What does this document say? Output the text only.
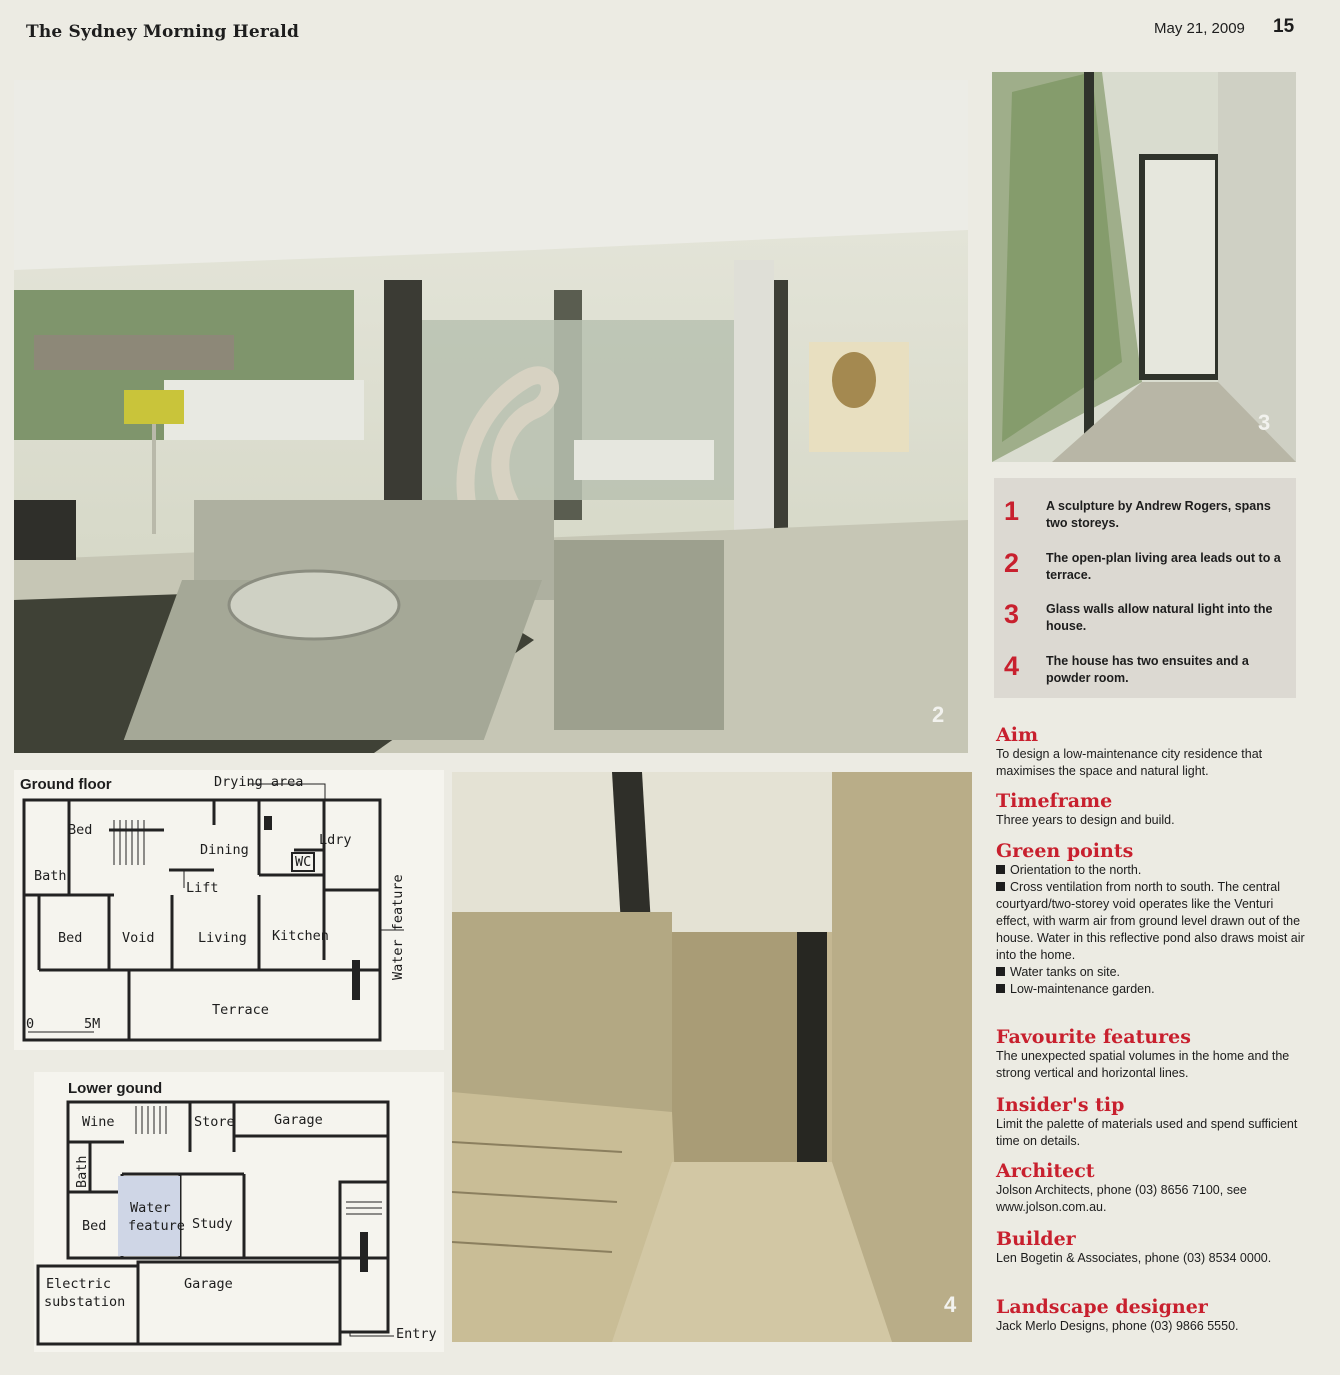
The Sydney Morning Herald	May 21, 2009 15
2
3
4
1 A sculpture by Andrew Rogers, spans two storeys.
2 The open-plan living area leads out to a terrace.
3 Glass walls allow natural light into the house.
4 The house has two ensuites and a powder room.
Aim

To design a low-maintenance city residence that maximises the space and natural light.

Timeframe

Three years to design and build.

Green points

Orientation to the north.

Cross ventilation from north to south. The central courtyard/two-storey void operates like the Venturi effect, with warm air from ground level drawn out of the house. Water in this reflective pond also draws moist air into the home.

Water tanks on site.

Low-maintenance garden.

Favourite features

The unexpected spatial volumes in the home and the strong vertical and horizontal lines.

Insider's tip

Limit the palette of materials used and spend sufficient time on details.

Architect

Jolson Architects, phone (03) 8656 7100, see www.jolson.com.au.

Builder

Len Bogetin & Associates, phone (03) 8534 0000.

Landscape designer

Jack Merlo Designs, phone (03) 9866 5550.

Ground floor	Drying area
Bed
Bath
Dining
Ldry
WC
Lift
Bed	Void	Living Kitchen	Water feature
Terrace
0	5M
Lower gound
Wine	Store	Garage
Bath
Water
feature Study
Bed
Electric
substation
Garage
Entry
